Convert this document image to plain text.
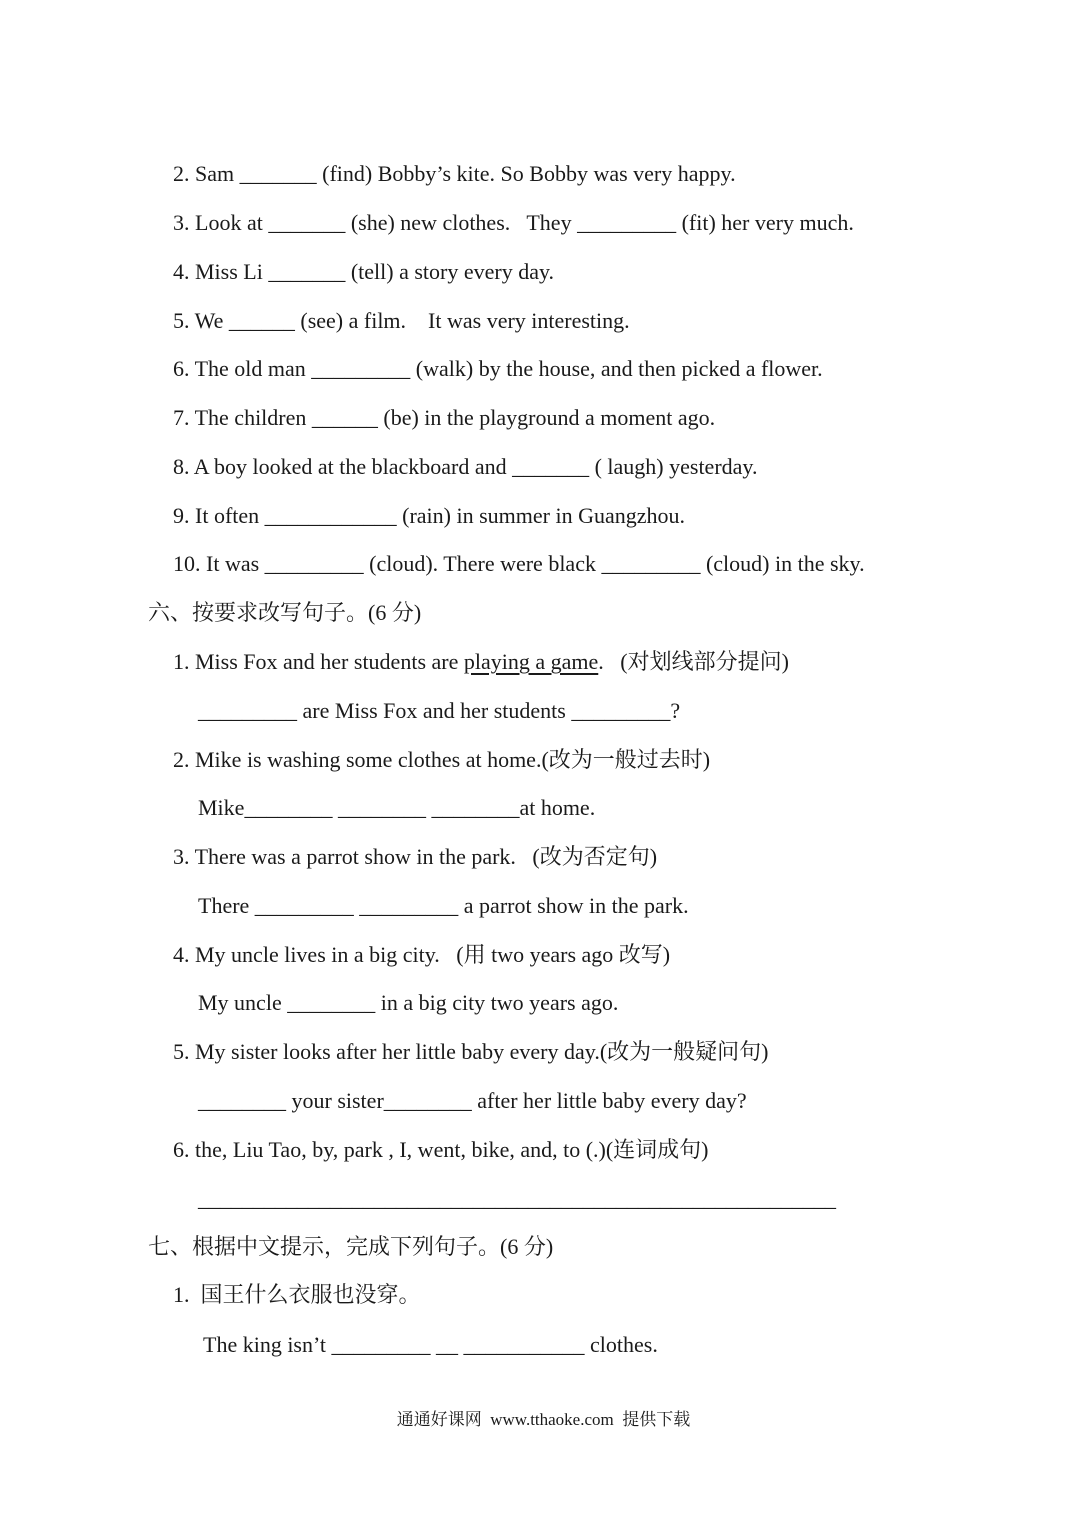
2. Sam _______ (find) Bobby’s kite. So Bobby was very happy.
3. Look at _______ (she) new clothes.   They _________ (fit) her very much.
4. Miss Li _______ (tell) a story every day.
5. We ______ (see) a film.    It was very interesting.
6. The old man _________ (walk) by the house, and then picked a flower.
7. The children ______ (be) in the playground a moment ago.
8. A boy looked at the blackboard and _______ ( laugh) yesterday.
9. It often ____________ (rain) in summer in Guangzhou.
10. It was _________ (cloud). There were black _________ (cloud) in the sky.
六、按要求改写句子。(6 分)
1. Miss Fox and her students are playing a game.   (对划线部分提问)
_________ are Miss Fox and her students _________?
2. Mike is washing some clothes at home.(改为一般过去时)
Mike________ ________ ________at home.
3. There was a parrot show in the park.   (改为否定句)
There _________ _________ a parrot show in the park.
4. My uncle lives in a big city.   (用 two years ago 改写)
My uncle ________ in a big city two years ago.
5. My sister looks after her little baby every day.(改为一般疑问句)
________ your sister________ after her little baby every day?
6. the, Liu Tao, by, park , I, went, bike, and, to (.)(连词成句)
__________________________________________________________
七、根据中文提示，完成下列句子。(6 分)
1.  国王什么衣服也没穿。
The king isn’t _________ __ ___________ clothes.
通通好课网  www.tthaoke.com  提供下载
